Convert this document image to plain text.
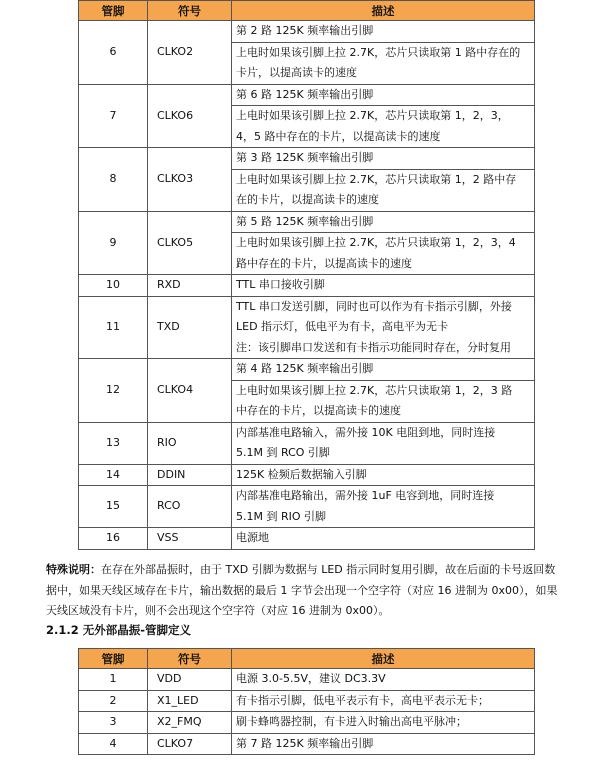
管脚	符号	描述
6	CLKO2	第 2 路 125K 频率输出引脚
上电时如果该引脚上拉 2.7K，芯片只读取第 1 路中存在的
卡片，以提高读卡的速度

7	CLKO6	第 6 路 125K 频率输出引脚
上电时如果该引脚上拉 2.7K，芯片只读取第 1，2，3，
4，5 路中存在的卡片，以提高读卡的速度

8	CLKO3	第 3 路 125K 频率输出引脚
上电时如果该引脚上拉 2.7K，芯片只读取第 1，2 路中存
在的卡片，以提高读卡的速度

9	CLKO5	第 5 路 125K 频率输出引脚
上电时如果该引脚上拉 2.7K，芯片只读取第 1，2，3，4
路中存在的卡片，以提高读卡的速度

10	RXD	TTL 串口接收引脚

11	TXD	TTL 串口发送引脚，同时也可以作为有卡指示引脚，外接
LED 指示灯，低电平为有卡，高电平为无卡
注：该引脚串口发送和有卡指示功能同时存在，分时复用

12	CLKO4	第 4 路 125K 频率输出引脚
上电时如果该引脚上拉 2.7K，芯片只读取第 1，2，3 路
中存在的卡片，以提高读卡的速度

13	RIO	内部基准电路输入，需外接 10K 电阻到地，同时连接
5.1M 到 RCO 引脚

14	DDIN	125K 检频后数据输入引脚

15	RCO	内部基准电路输出，需外接 1uF 电容到地，同时连接
5.1M 到 RIO 引脚

16	VSS	电源地
特殊说明：在存在外部晶振时，由于 TXD 引脚为数据与 LED 指示同时复用引脚，故在后面的卡号返回数据中，如果天线区域存在卡片，输出数据的最后 1 字节会出现一个空字符（对应 16 进制为 0x00），如果天线区域没有卡片，则不会出现这个空字符（对应 16 进制为 0x00）。
2.1.2 无外部晶振-管脚定义
管脚	符号	描述
1	VDD	电源 3.0-5.5V，建议 DC3.3V

2	X1_LED	有卡指示引脚，低电平表示有卡，高电平表示无卡；

3	X2_FMQ	刷卡蜂鸣器控制，有卡进入时输出高电平脉冲；

4	CLKO7	第 7 路 125K 频率输出引脚
